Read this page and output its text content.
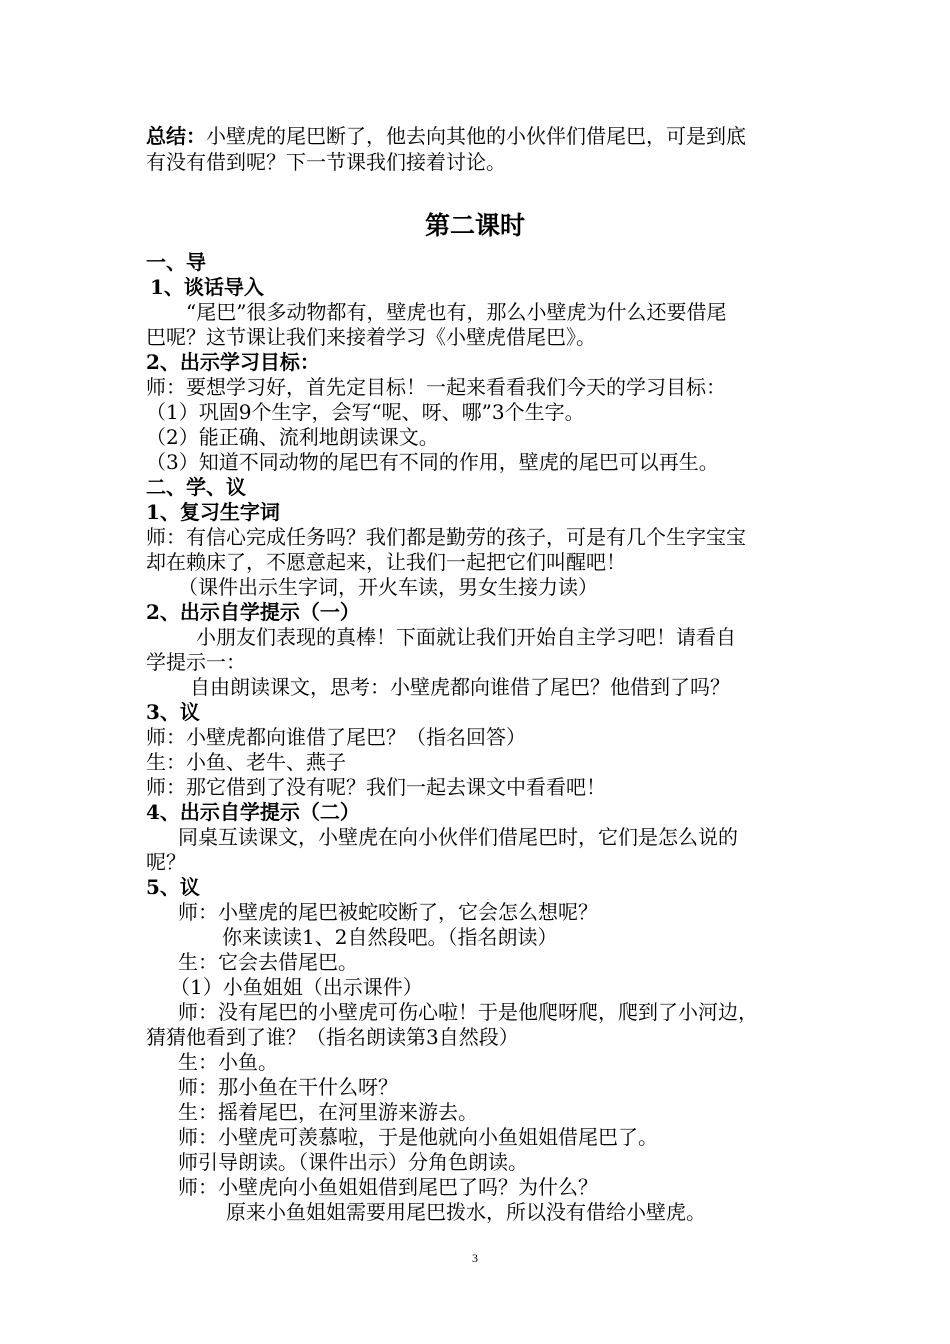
总结：小壁虎的尾巴断了，他去向其他的小伙伴们借尾巴，可是到底
有没有借到呢？下一节课我们接着讨论。
第二课时
一、导
1、谈话导入
“尾巴”很多动物都有，壁虎也有，那么小壁虎为什么还要借尾
巴呢？这节课让我们来接着学习《小壁虎借尾巴》。
2、出示学习目标：
师：要想学习好，首先定目标！一起来看看我们今天的学习目标：
（1）巩固9个生字，会写“呢、呀、哪”3个生字。
（2）能正确、流利地朗读课文。
（3）知道不同动物的尾巴有不同的作用，壁虎的尾巴可以再生。
二、学、议
1、复习生字词
师：有信心完成任务吗？我们都是勤劳的孩子，可是有几个生字宝宝
却在赖床了，不愿意起来，让我们一起把它们叫醒吧！
（课件出示生字词，开火车读，男女生接力读）
2、出示自学提示（一）
小朋友们表现的真棒！下面就让我们开始自主学习吧！请看自
学提示一：
自由朗读课文，思考：小壁虎都向谁借了尾巴？他借到了吗？
3、议
师：小壁虎都向谁借了尾巴？（指名回答）
生：小鱼、老牛、燕子
师：那它借到了没有呢？我们一起去课文中看看吧！
4、出示自学提示（二）
同桌互读课文，小壁虎在向小伙伴们借尾巴时，它们是怎么说的
呢？
5、议
师：小壁虎的尾巴被蛇咬断了，它会怎么想呢？
你来读读1、2自然段吧。（指名朗读）
生：它会去借尾巴。
（1）小鱼姐姐（出示课件）
师：没有尾巴的小壁虎可伤心啦！于是他爬呀爬，爬到了小河边，
猜猜他看到了谁？（指名朗读第3自然段）
生：小鱼。
师：那小鱼在干什么呀？
生：摇着尾巴，在河里游来游去。
师：小壁虎可羡慕啦，于是他就向小鱼姐姐借尾巴了。
师引导朗读。（课件出示）分角色朗读。
师：小壁虎向小鱼姐姐借到尾巴了吗？为什么？
原来小鱼姐姐需要用尾巴拨水，所以没有借给小壁虎。
3
